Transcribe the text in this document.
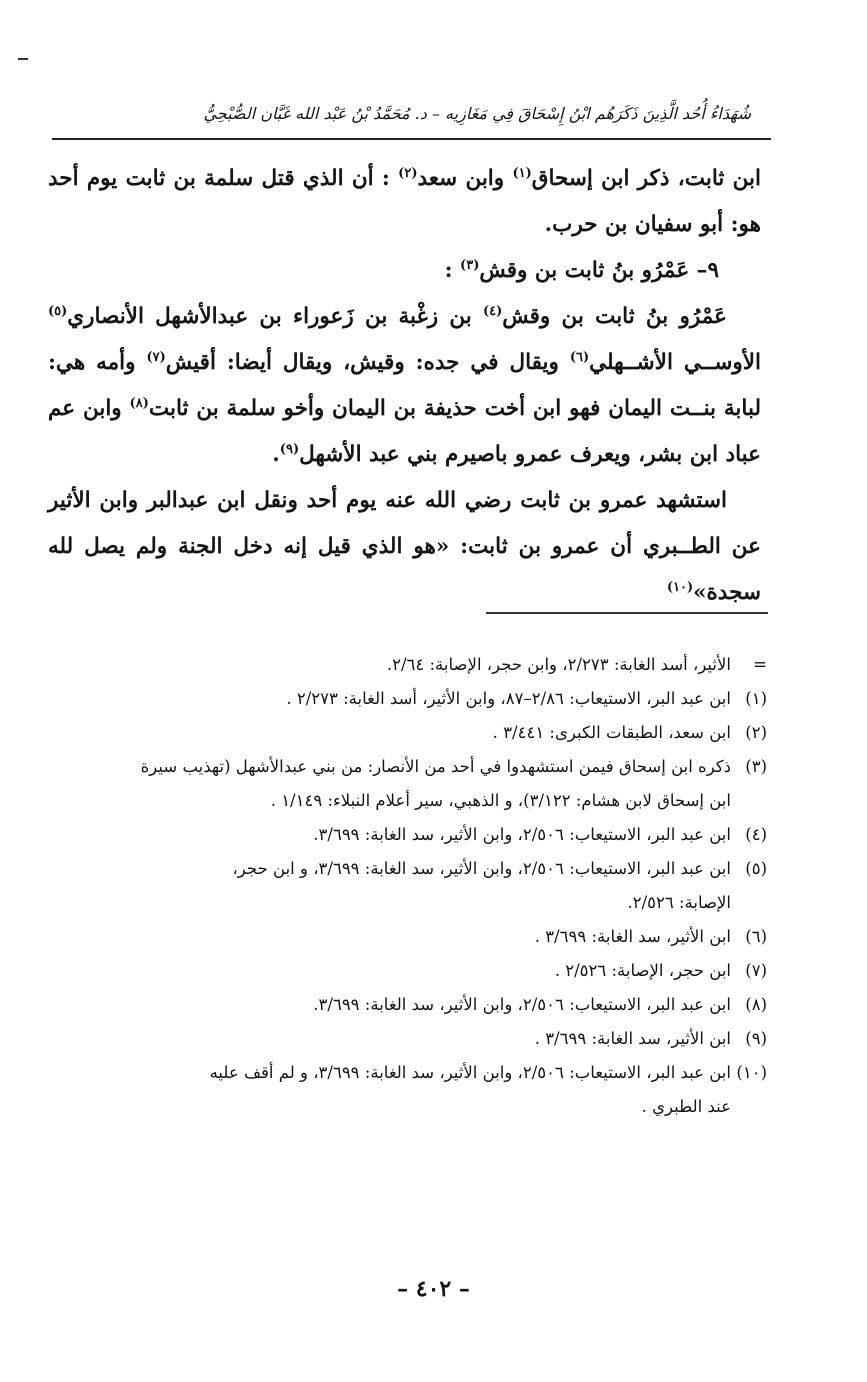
شُهَدَاءُ أُحُد الَّذِينَ ذَكَرَهُم ابْنُ إِسْحَاقَ فِي مَغَازِيه – د. مُحَمَّدُ بْنُ عَبْد الله غَبَّان الصُّبْحِيُّ

ابن ثابت، ذكر ابن إسحاق$^{(١)}$ وابن سعد$^{(٢)}$ : أن الذي قتل سلمة بن ثابت يوم أحد هو: أبو سفيان بن حرب.

٩– عَمْرُو بنُ ثابت بن وقش$^{(٣)}$ :

عَمْرُو بنُ ثابت بن وقش$^{(٤)}$ بن زغْبة بن زَعوراء بن عبدالأشهل الأنصاري$^{(٥)}$ الأوســي الأشــهلي$^{(٦)}$ ويقال في جده: وقيش، ويقال أيضا: أقيش$^{(٧)}$ وأمه هي: لبابة بنــت اليمان فهو ابن أخت حذيفة بن اليمان وأخو سلمة بن ثابت$^{(٨)}$ وابن عم عباد ابن بشر، ويعرف عمرو باصيرم بني عبد الأشهل$^{(٩)}$.

استشهد عمرو بن ثابت رضي الله عنه يوم أحد ونقل ابن عبدالبر وابن الأثير عن الطــبري أن عمرو بن ثابت: «هو الذي قيل إنه دخل الجنة ولم يصل لله سجدة»$^{(١٠)}$

=
الأثير، أسد الغابة: ٢/٢٧٣، وابن حجر، الإصابة: ٢/٦٤.
(١)
ابن عبد البر، الاستيعاب: ٢/٨٦–٨٧، وابن الأثير، أسد الغابة: ٢/٢٧٣ .
(٢)
ابن سعد، الطبقات الكبرى: ٣/٤٤١ .
(٣)
ذكره ابن إسحاق فيمن استشهدوا في أحد من الأنصار: من بني عبدالأشهل (تهذيب سيرة
ابن إسحاق لابن هشام: ٣/١٢٢)، و الذهبي، سير أعلام النبلاء: ١/١٤٩ .
(٤)
ابن عبد البر، الاستيعاب: ٢/٥٠٦، وابن الأثير، سد الغابة: ٣/٦٩٩.
(٥)
ابن عبد البر، الاستيعاب: ٢/٥٠٦، وابن الأثير، سد الغابة: ٣/٦٩٩، و ابن حجر،
الإصابة: ٢/٥٢٦.
(٦)
ابن الأثير، سد الغابة: ٣/٦٩٩ .
(٧)
ابن حجر، الإصابة: ٢/٥٢٦ .
(٨)
ابن عبد البر، الاستيعاب: ٢/٥٠٦، وابن الأثير، سد الغابة: ٣/٦٩٩.
(٩)
ابن الأثير، سد الغابة: ٣/٦٩٩ .
(١٠)
ابن عبد البر، الاستيعاب: ٢/٥٠٦، وابن الأثير، سد الغابة: ٣/٦٩٩، و لم أقف عليه
عند الطبري .
– ٤٠٢ –
